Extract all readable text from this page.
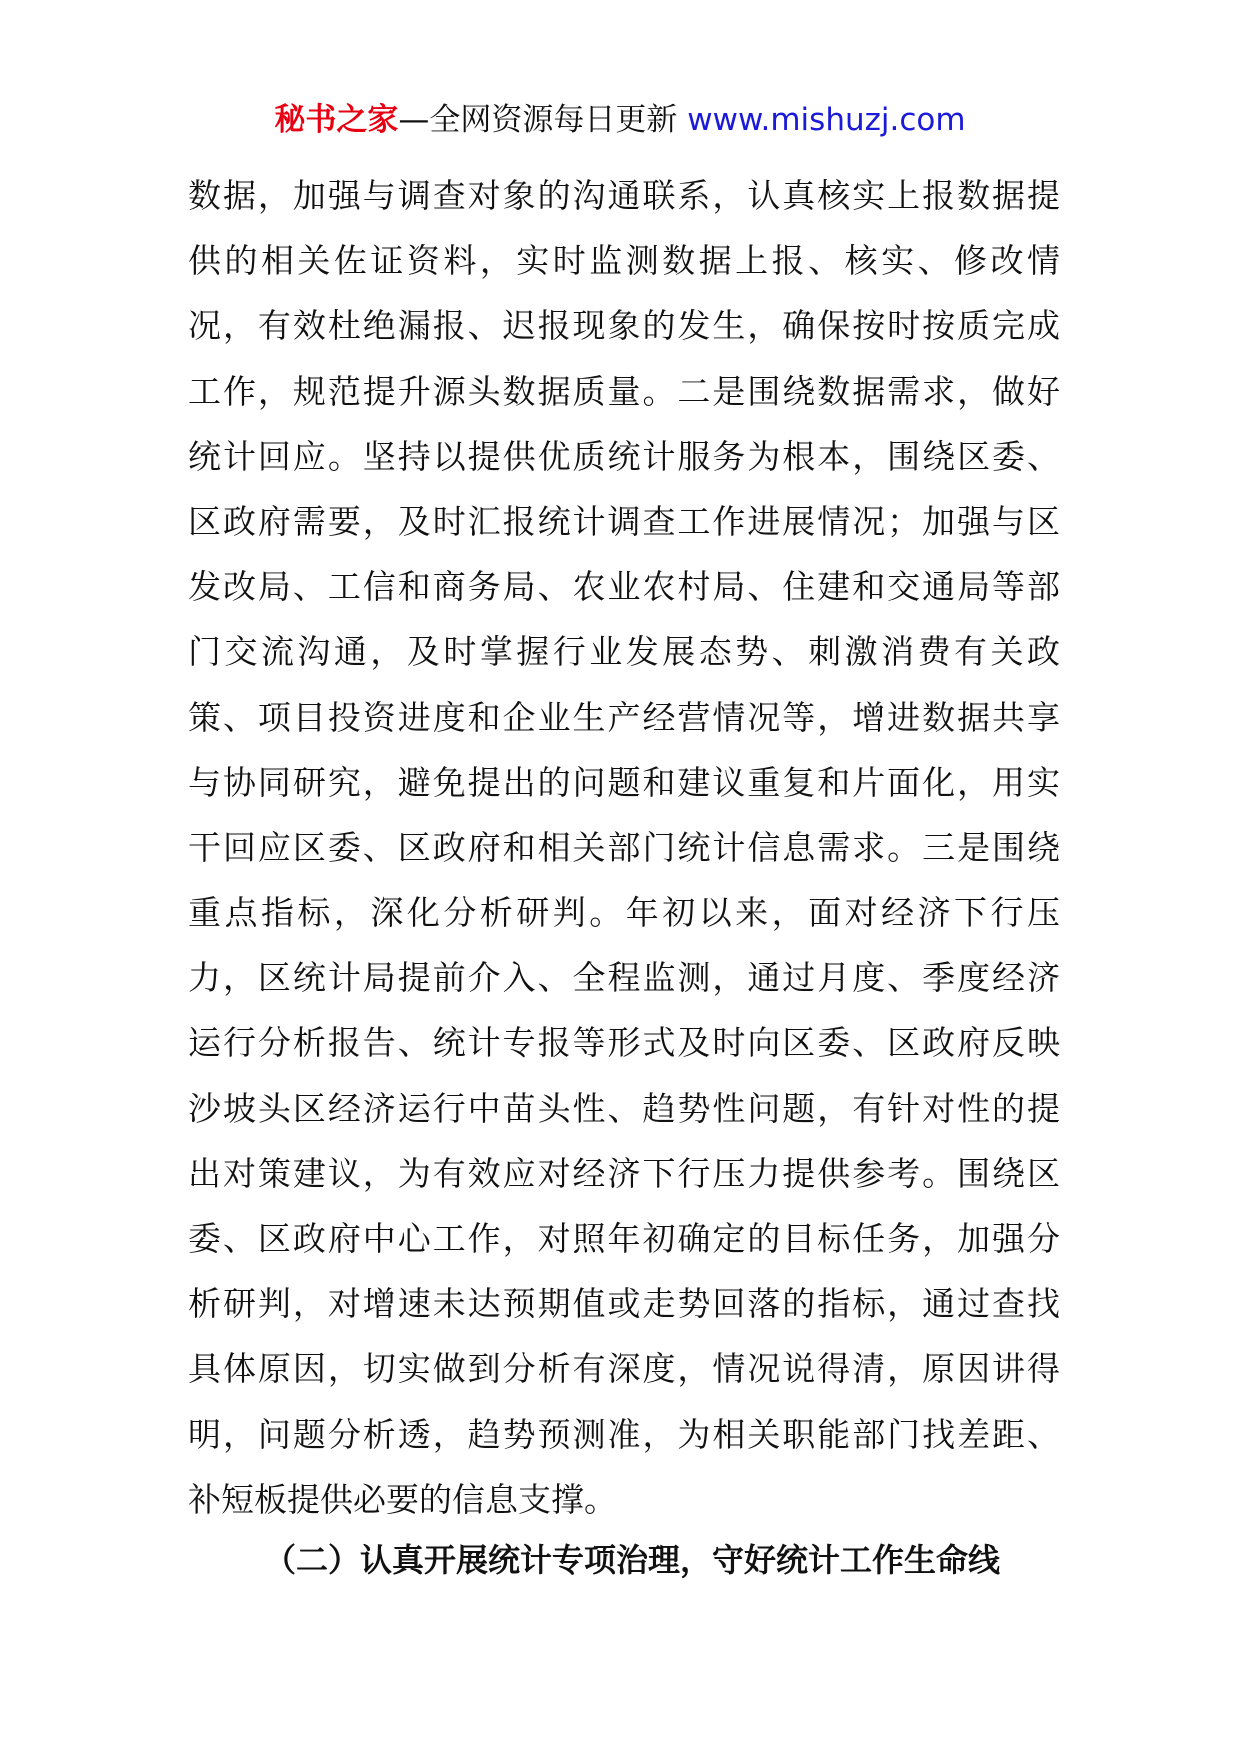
秘书之家—全网资源每日更新 www.mishuzj.com
数据，加强与调查对象的沟通联系，认真核实上报数据提
供的相关佐证资料，实时监测数据上报、核实、修改情
况，有效杜绝漏报、迟报现象的发生，确保按时按质完成
工作，规范提升源头数据质量。二是围绕数据需求，做好
统计回应。坚持以提供优质统计服务为根本，围绕区委、
区政府需要，及时汇报统计调查工作进展情况；加强与区
发改局、工信和商务局、农业农村局、住建和交通局等部
门交流沟通，及时掌握行业发展态势、刺激消费有关政
策、项目投资进度和企业生产经营情况等，增进数据共享
与协同研究，避免提出的问题和建议重复和片面化，用实
干回应区委、区政府和相关部门统计信息需求。三是围绕
重点指标，深化分析研判。年初以来，面对经济下行压
力，区统计局提前介入、全程监测，通过月度、季度经济
运行分析报告、统计专报等形式及时向区委、区政府反映
沙坡头区经济运行中苗头性、趋势性问题，有针对性的提
出对策建议，为有效应对经济下行压力提供参考。围绕区
委、区政府中心工作，对照年初确定的目标任务，加强分
析研判，对增速未达预期值或走势回落的指标，通过查找
具体原因，切实做到分析有深度，情况说得清，原因讲得
明，问题分析透，趋势预测准，为相关职能部门找差距、
补短板提供必要的信息支撑。
（二）认真开展统计专项治理，守好统计工作生命线
